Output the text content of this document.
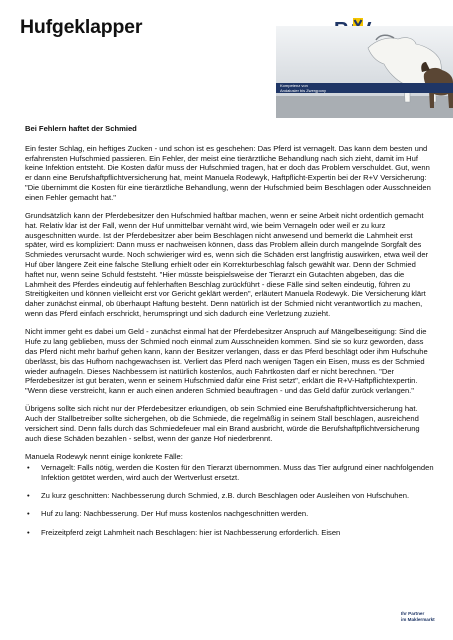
Hufgeklapper
Kompetenz von
Andalusier bis Zwergpony
Bei Fehlern haftet der Schmied

Ein fester Schlag, ein heftiges Zucken - und schon ist es geschehen: Das Pferd ist vernagelt. Das kann dem besten und erfahrensten Hufschmied passieren. Ein Fehler, der meist eine tierärztliche Behandlung nach sich zieht, damit im Huf keine Infektion entsteht. Die Kosten dafür muss der Hufschmied tragen, hat er doch das Problem verschuldet. Gut, wenn er dann eine Berufshaftpflichtversicherung hat, meint Manuela Rodewyk, Haftpflicht-Expertin bei der R+V Versicherung: "Die übernimmt die Kosten für eine tierärztliche Behandlung, wenn der Hufschmied beim Beschlagen oder Ausschneiden einen Fehler gemacht hat."

Grundsätzlich kann der Pferdebesitzer den Hufschmied haftbar machen, wenn er seine Arbeit nicht ordentlich gemacht hat. Relativ klar ist der Fall, wenn der Huf unmittelbar vernäht wird, wie beim Vernageln oder weil er zu kurz ausgeschnitten wurde. Ist der Pferdebesitzer aber beim Beschlagen nicht anwesend und bemerkt die Lahmheit erst später, wird es kompliziert: Dann muss er nachweisen können, dass das Problem allein durch mangelnde Sorgfalt des Schmiedes verursacht wurde. Noch schwieriger wird es, wenn sich die Schäden erst langfristig auswirken, etwa weil der Huf über längere Zeit eine falsche Stellung erhielt oder ein Korrekturbeschlag falsch gewählt war. Denn der Schmied haftet nur, wenn seine Schuld feststeht. "Hier müsste beispielsweise der Tierarzt ein Gutachten abgeben, das die Lahmheit des Pferdes eindeutig auf fehlerhaften Beschlag zurückführt - diese Fälle sind selten eindeutig, führen zu Streitigkeiten und können vielleicht erst vor Gericht geklärt werden", erläutert Manuela Rodewyk. Die Versicherung klärt daher zunächst einmal, ob überhaupt Haftung besteht. Denn natürlich ist der Schmied nicht verantwortlich zu machen, wenn das Pferd einfach erschrickt, herumspringt und sich dadurch eine Verletzung zuzieht.

Nicht immer geht es dabei um Geld - zunächst einmal hat der Pferdebesitzer Anspruch auf Mängelbeseitigung: Sind die Hufe zu lang geblieben, muss der Schmied noch einmal zum Ausschneiden kommen. Sind sie so kurz geworden, dass das Pferd nicht mehr barhuf gehen kann, kann der Besitzer verlangen, dass er das Pferd beschlägt oder ihm Hufschuhe überlässt, bis das Hufhorn nachgewachsen ist. Verliert das Pferd nach wenigen Tagen ein Eisen, muss es der Schmied wieder aufnageln. Dieses Nachbessern ist natürlich kostenlos, auch Fahrtkosten darf er nicht berechnen. "Der Pferdebesitzer ist gut beraten, wenn er seinem Hufschmied dafür eine Frist setzt", erklärt die R+V-Haftpflichtexpertin. "Wenn diese verstreicht, kann er auch einen anderen Schmied beauftragen - und das Geld dafür zurück verlangen."

Übrigens sollte sich nicht nur der Pferdebesitzer erkundigen, ob sein Schmied eine Berufshaftpflichtversicherung hat. Auch der Stallbetreiber sollte sichergehen, ob die Schmiede, die regelmäßig in seinem Stall beschlagen, ausreichend versichert sind. Denn falls durch das Schmiedefeuer mal ein Brand ausbricht, würde die Berufshaftpflichtversicherung auch diese Schäden bezahlen - selbst, wenn der ganze Hof niederbrennt.

Manuela Rodewyk nennt einige konkrete Fälle:

• Vernagelt: Falls nötig, werden die Kosten für den Tierarzt übernommen. Muss das Tier aufgrund einer nachfolgenden Infektion getötet werden, wird auch der Wertverlust ersetzt.
• Zu kurz geschnitten: Nachbesserung durch Schmied, z.B. durch Beschlagen oder Ausleihen von Hufschuhen.
• Huf zu lang: Nachbesserung. Der Huf muss kostenlos nachgeschnitten werden.
• Freizeitpferd zeigt Lahmheit nach Beschlagen: hier ist Nachbesserung erforderlich. Eisen
Ihr Partner
im Maklermarkt
